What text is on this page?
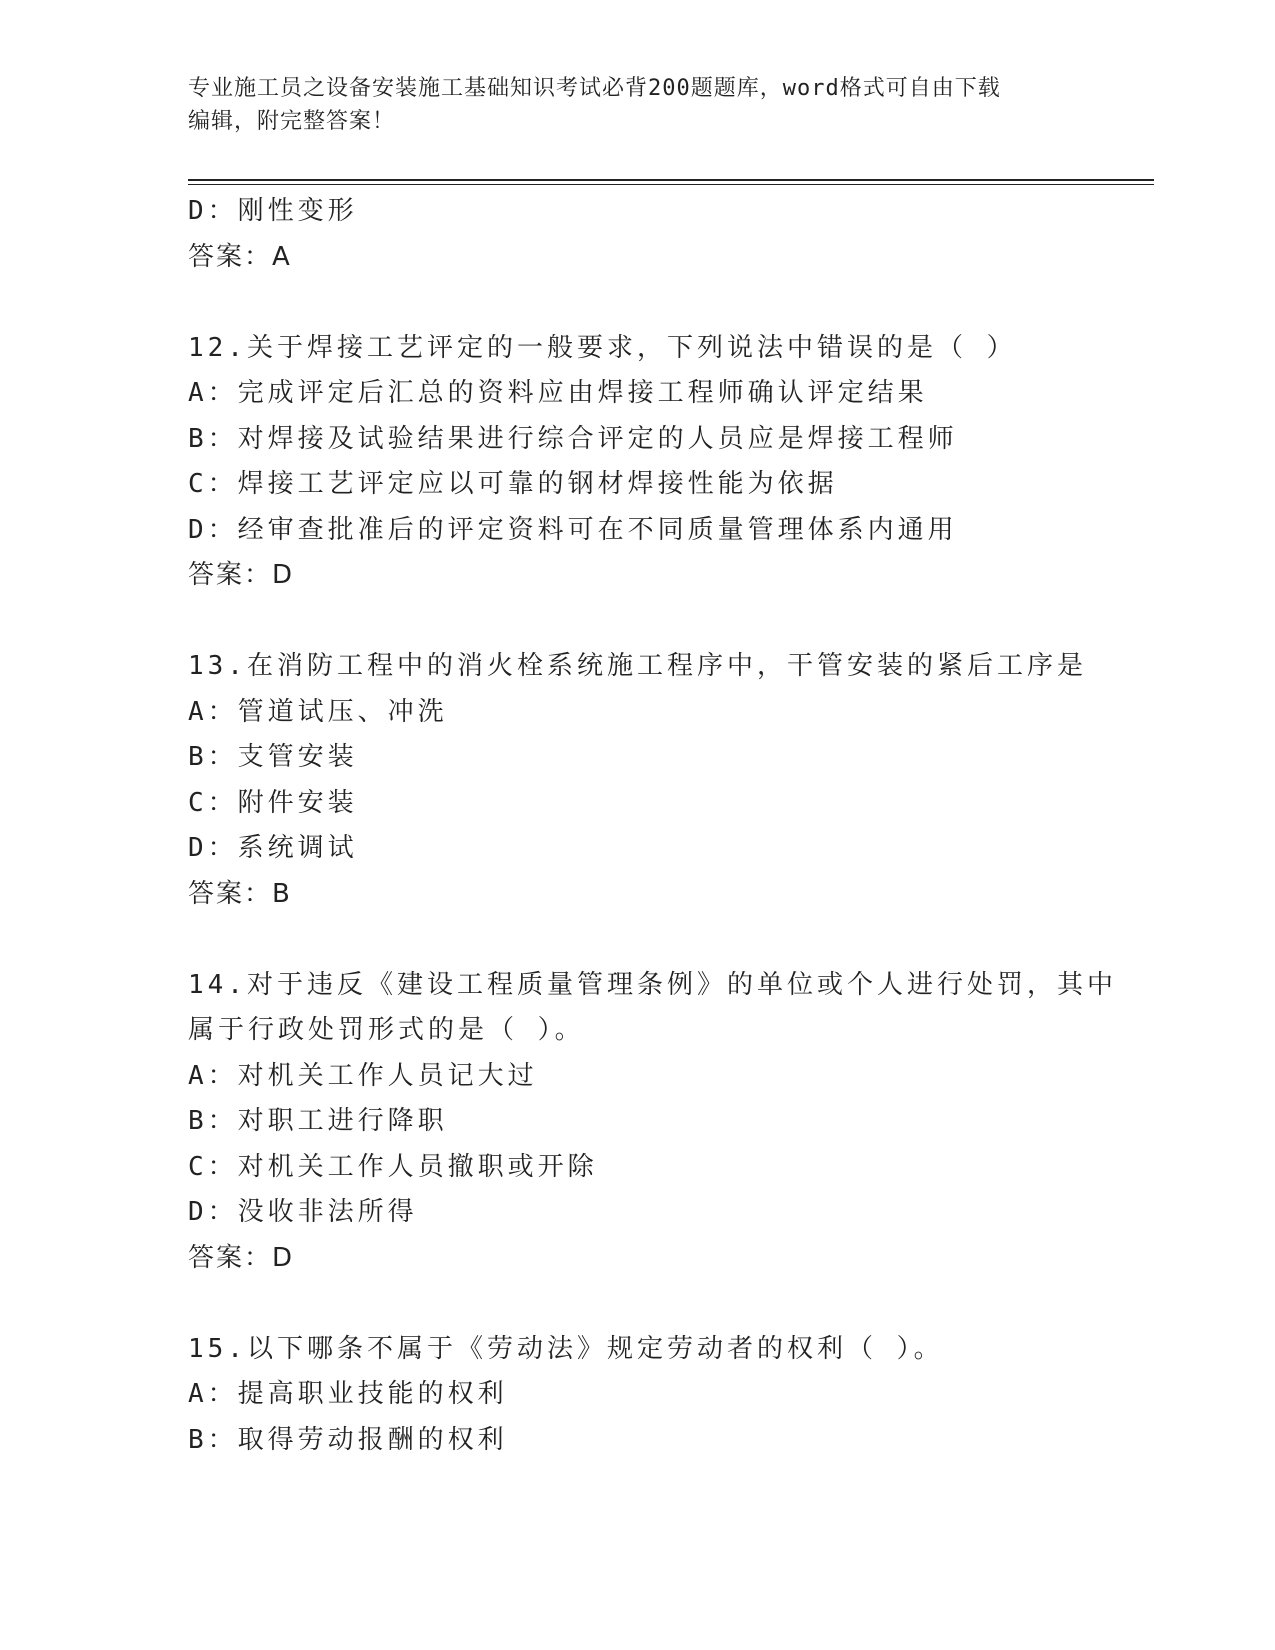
专业施工员之设备安装施工基础知识考试必背200题题库，word格式可自由下载
编辑，附完整答案！
D：刚性变形
答案：A
12.关于焊接工艺评定的一般要求，下列说法中错误的是（ ）
A：完成评定后汇总的资料应由焊接工程师确认评定结果
B：对焊接及试验结果进行综合评定的人员应是焊接工程师
C：焊接工艺评定应以可靠的钢材焊接性能为依据
D：经审查批准后的评定资料可在不同质量管理体系内通用
答案：D
13.在消防工程中的消火栓系统施工程序中，干管安装的紧后工序是
A：管道试压、冲洗
B：支管安装
C：附件安装
D：系统调试
答案：B
14.对于违反《建设工程质量管理条例》的单位或个人进行处罚，其中
属于行政处罚形式的是（ ）。
A：对机关工作人员记大过
B：对职工进行降职
C：对机关工作人员撤职或开除
D：没收非法所得
答案：D
15.以下哪条不属于《劳动法》规定劳动者的权利（ ）。
A：提高职业技能的权利
B：取得劳动报酬的权利
